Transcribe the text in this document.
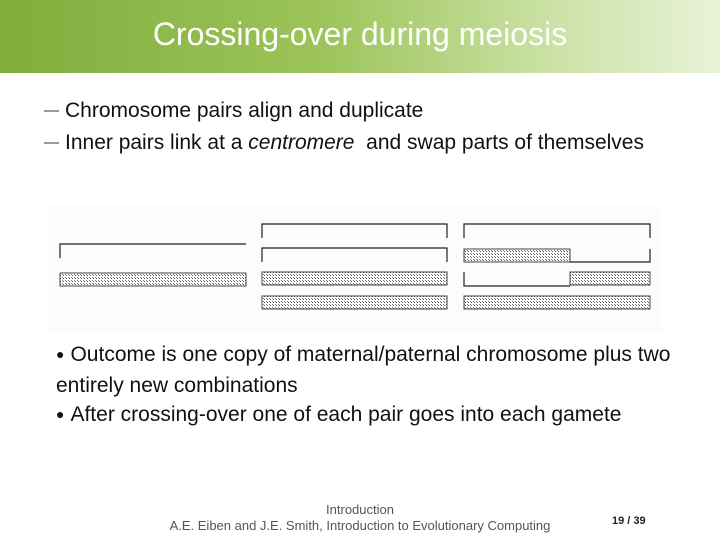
Crossing-over during meiosis

— Chromosome pairs align and duplicate

— Inner pairs link at a centromere  and swap parts of themselves

● Outcome is one copy of maternal/paternal chromosome plus two entirely new combinations

● After crossing-over one of each pair goes into each gamete

Introduction
A.E. Eiben and J.E. Smith, Introduction to Evolutionary Computing	19 / 39
